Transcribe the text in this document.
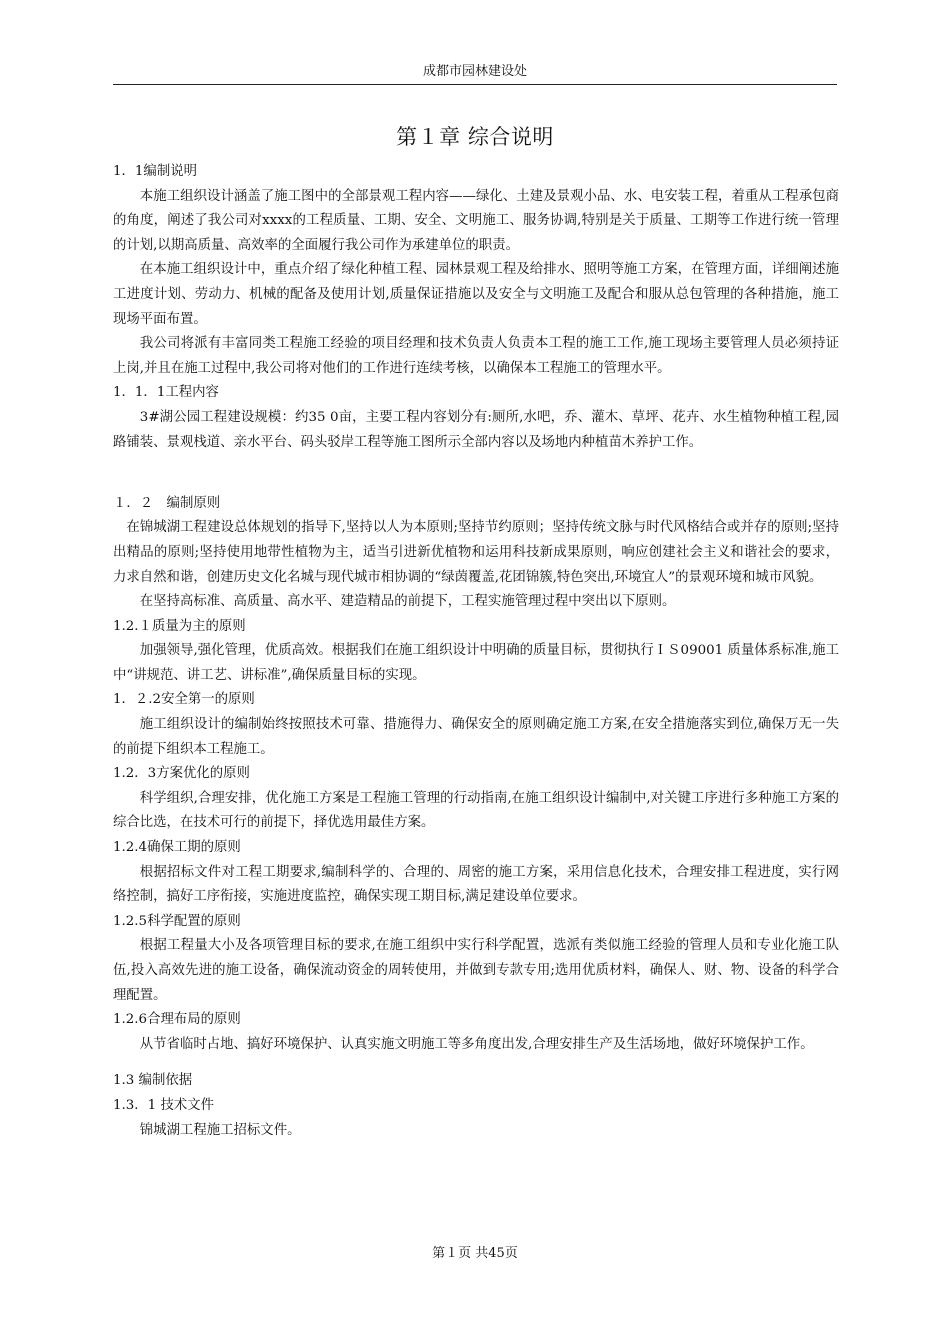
成都市园林建设处
第１章 综合说明

1．1编制说明

本施工组织设计涵盖了施工图中的全部景观工程内容——绿化、土建及景观小品、水、电安装工程，着重从工程承包商的角度，阐述了我公司对xxxx的工程质量、工期、安全、文明施工、服务协调,特别是关于质量、工期等工作进行统一管理的计划,以期高质量、高效率的全面履行我公司作为承建单位的职责。

在本施工组织设计中，重点介绍了绿化种植工程、园林景观工程及给排水、照明等施工方案，在管理方面，详细阐述施工进度计划、劳动力、机械的配备及使用计划,质量保证措施以及安全与文明施工及配合和服从总包管理的各种措施，施工现场平面布置。

我公司将派有丰富同类工程施工经验的项目经理和技术负责人负责本工程的施工工作,施工现场主要管理人员必须持证上岗,并且在施工过程中,我公司将对他们的工作进行连续考核，以确保本工程施工的管理水平。

1．1．1工程内容

3#湖公园工程建设规模：约35 0亩，主要工程内容划分有:厕所,水吧，乔、灌木、草坪、花卉、水生植物种植工程,园路铺装、景观栈道、亲水平台、码头驳岸工程等施工图所示全部内容以及场地内种植苗木养护工作。

１．２　编制原则

在锦城湖工程建设总体规划的指导下,坚持以人为本原则;坚持节约原则；坚持传统文脉与时代风格结合或并存的原则;坚持出精品的原则;坚持使用地带性植物为主，适当引进新优植物和运用科技新成果原则，响应创建社会主义和谐社会的要求，力求自然和谐，创建历史文化名城与现代城市相协调的“绿茵覆盖,花团锦簇,特色突出,环境宜人”的景观环境和城市风貌。

在坚持高标准、高质量、高水平、建造精品的前提下，工程实施管理过程中突出以下原则。

1.2.１质量为主的原则

加强领导,强化管理，优质高效。根据我们在施工组织设计中明确的质量目标，贯彻执行ＩＳ09001 质量体系标准,施工中“讲规范、讲工艺、讲标准”,确保质量目标的实现。

1．２.2安全第一的原则

施工组织设计的编制始终按照技术可靠、措施得力、确保安全的原则确定施工方案,在安全措施落实到位,确保万无一失的前提下组织本工程施工。

1.2．3方案优化的原则

科学组织,合理安排，优化施工方案是工程施工管理的行动指南,在施工组织设计编制中,对关键工序进行多种施工方案的综合比选，在技术可行的前提下，择优选用最佳方案。

1.2.4确保工期的原则

根据招标文件对工程工期要求,编制科学的、合理的、周密的施工方案，采用信息化技术，合理安排工程进度，实行网络控制，搞好工序衔接，实施进度监控，确保实现工期目标,满足建设单位要求。

1.2.5科学配置的原则

根据工程量大小及各项管理目标的要求,在施工组织中实行科学配置，选派有类似施工经验的管理人员和专业化施工队伍,投入高效先进的施工设备，确保流动资金的周转使用，并做到专款专用;选用优质材料，确保人、财、物、设备的科学合理配置。

1.2.6合理布局的原则

从节省临时占地、搞好环境保护、认真实施文明施工等多角度出发,合理安排生产及生活场地，做好环境保护工作。

1.3 编制依据

1.3．1 技术文件

锦城湖工程施工招标文件。

第１页 共45页
